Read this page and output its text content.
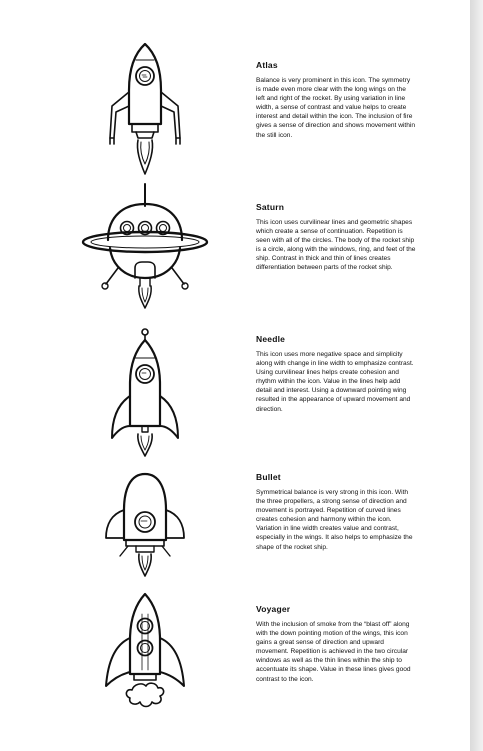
Atlas

Balance is very prominent in this icon. The symmetry is made even more clear with the long wings on the left and right of the rocket. By using variation in line width, a sense of contrast and value helps to create interest and detail within the icon. The inclusion of fire gives a sense of direction and shows movement within the still icon.

Saturn

This icon uses curvilinear lines and geometric shapes which create a sense of continuation. Repetition is seen with all of the circles. The body of the rocket ship is a circle, along with the windows, ring, and feet of the ship. Contrast in thick and thin of lines creates differentiation between parts of the rocket ship.

Needle

This icon uses more negative space and simplicity along with change in line width to emphasize contrast. Using curvilinear lines helps create cohesion and rhythm within the icon. Value in the lines help add detail and interest. Using a downward pointing wing resulted in the appearance of upward movement and direction.

Bullet

Symmetrical balance is very strong in this icon. With the three propellers, a strong sense of direction and movement is portrayed. Repetition of curved lines creates cohesion and harmony within the icon. Variation in line width creates value and contrast, especially in the wings. It also helps to emphasize the shape of the rocket ship.

Voyager

With the inclusion of smoke from the “blast off” along with the down pointing motion of the wings, this icon gains a great sense of direction and upward movement. Repetition is achieved in the two circular windows as well as the thin lines within the ship to accentuate its shape. Value in these lines gives good contrast to the icon.
